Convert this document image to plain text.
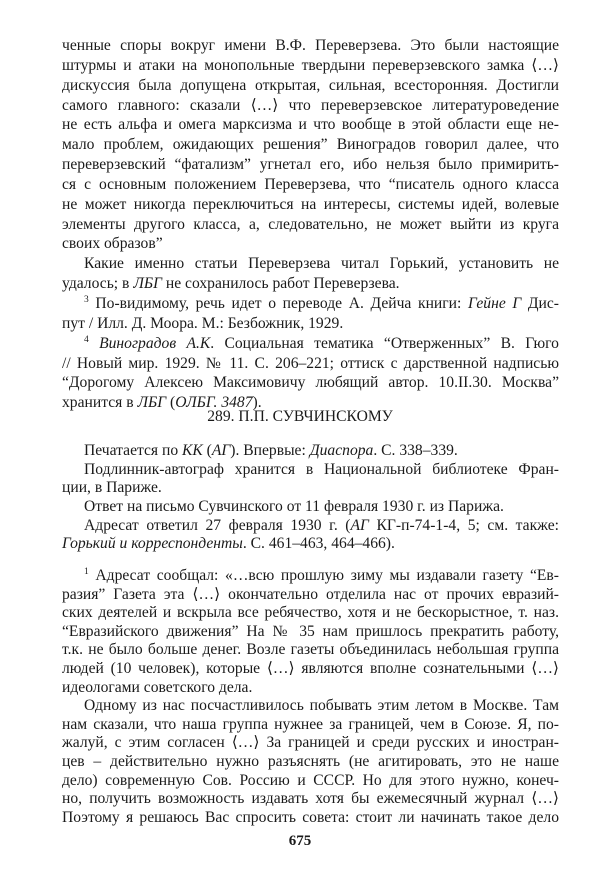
ченные споры вокруг имени В.Ф. Переверзева. Это были настоящие
штурмы и атаки на монопольные твердыни переверзевского замка ⟨…⟩
дискуссия была допущена открытая, сильная, всесторонняя. Достигли
самого главного: сказали ⟨…⟩ что переверзевское литературоведение
не есть альфа и омега марксизма и что вообще в этой области еще не-
мало проблем, ожидающих решения” Виноградов говорил далее, что
переверзевский “фатализм” угнетал его, ибо нельзя было примирить-
ся с основным положением Переверзева, что “писатель одного класса
не может никогда переключиться на интересы, системы идей, волевые
элементы другого класса, а, следовательно, не может выйти из круга
своих образов”
Какие именно статьи Переверзева читал Горький, установить не
удалось; в ЛБГ не сохранилось работ Переверзева.
$^3$ По-видимому, речь идет о переводе А. Дейча книги: Гейне Г Дис-
пут / Илл. Д. Моора. М.: Безбожник, 1929.
$^4$ Виноградов А.К. Социальная тематика “Отверженных” В. Гюго
// Новый мир. 1929. № 11. С. 206–221; оттиск с дарственной надписью
“Дорогому Алексею Максимовичу любящий автор. 10.II.30. Москва”
хранится в ЛБГ (ОЛБГ. 3487).
289. П.П. СУВЧИНСКОМУ
Печатается по КК (АГ). Впервые: Диаспора. С. 338–339.
Подлинник-автограф хранится в Национальной библиотеке Фран-
ции, в Париже.
Ответ на письмо Сувчинского от 11 февраля 1930 г. из Парижа.
Адресат ответил 27 февраля 1930 г. (АГ КГ-п-74-1-4, 5; см. также:
Горький и корреспонденты. С. 461–463, 464–466).
$^1$ Адресат сообщал: «…всю прошлую зиму мы издавали газету “Ев-
разия” Газета эта ⟨…⟩ окончательно отделила нас от прочих евразий-
ских деятелей и вскрыла все ребячество, хотя и не бескорыстное, т. наз.
“Евразийского движения” На № 35 нам пришлось прекратить работу,
т.к. не было больше денег. Возле газеты объединилась небольшая группа
людей (10 человек), которые ⟨…⟩ являются вполне сознательными ⟨…⟩
идеологами советского дела.
Одному из нас посчастливилось побывать этим летом в Москве. Там
нам сказали, что наша группа нужнее за границей, чем в Союзе. Я, по-
жалуй, с этим согласен ⟨…⟩ За границей и среди русских и иностран-
цев – действительно нужно разъяснять (не агитировать, это не наше
дело) современную Сов. Россию и СССР. Но для этого нужно, конеч-
но, получить возможность издавать хотя бы ежемесячный журнал ⟨…⟩
Поэтому я решаюсь Вас спросить совета: стоит ли начинать такое дело
675
